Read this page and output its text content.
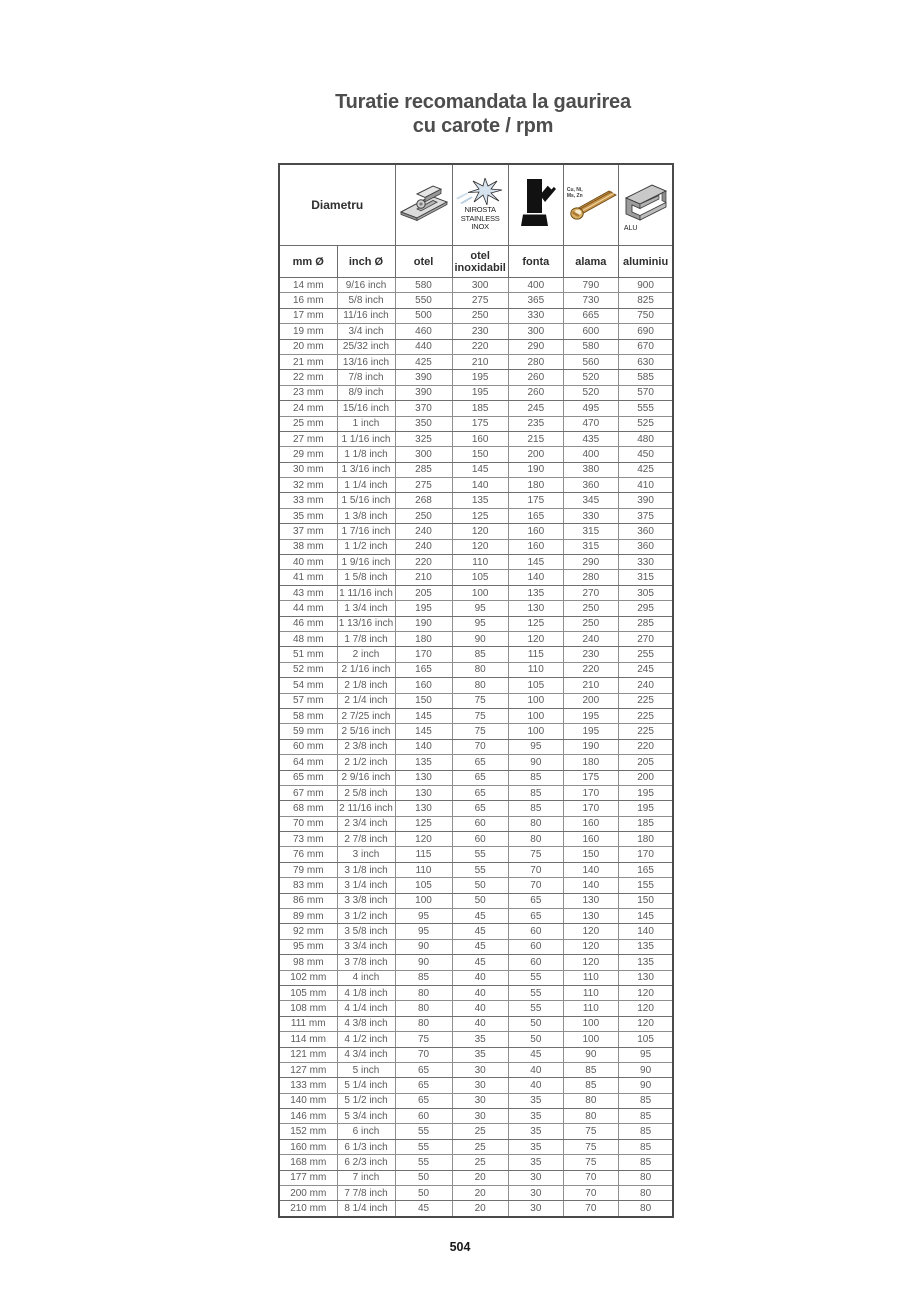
Turatie recomandata la gaurirea
cu carote / rpm
Diametru		NIROSTA
STAINLESS
INOX

Cu, Ni,
Ms, Zn

ALU

mm Ø	inch Ø	otel	otel inoxidabil	fonta	alama	aluminiu
14 mm	9/16 inch	580	300	400	790	900
16 mm	5/8 inch	550	275	365	730	825
17 mm	11/16 inch	500	250	330	665	750
19 mm	3/4 inch	460	230	300	600	690
20 mm	25/32 inch	440	220	290	580	670
21 mm	13/16 inch	425	210	280	560	630
22 mm	7/8 inch	390	195	260	520	585
23 mm	8/9 inch	390	195	260	520	570
24 mm	15/16 inch	370	185	245	495	555
25 mm	1 inch	350	175	235	470	525
27 mm	1 1/16 inch	325	160	215	435	480
29 mm	1 1/8 inch	300	150	200	400	450
30 mm	1 3/16 inch	285	145	190	380	425
32 mm	1 1/4 inch	275	140	180	360	410
33 mm	1 5/16 inch	268	135	175	345	390
35 mm	1 3/8 inch	250	125	165	330	375
37 mm	1 7/16 inch	240	120	160	315	360
38 mm	1 1/2 inch	240	120	160	315	360
40 mm	1 9/16 inch	220	110	145	290	330
41 mm	1 5/8 inch	210	105	140	280	315
43 mm	1 11/16 inch	205	100	135	270	305
44 mm	1 3/4 inch	195	95	130	250	295
46 mm	1 13/16 inch	190	95	125	250	285
48 mm	1 7/8 inch	180	90	120	240	270
51 mm	2 inch	170	85	115	230	255
52 mm	2 1/16 inch	165	80	110	220	245
54 mm	2 1/8 inch	160	80	105	210	240
57 mm	2 1/4 inch	150	75	100	200	225
58 mm	2 7/25 inch	145	75	100	195	225
59 mm	2 5/16 inch	145	75	100	195	225
60 mm	2 3/8 inch	140	70	95	190	220
64 mm	2 1/2 inch	135	65	90	180	205
65 mm	2 9/16 inch	130	65	85	175	200
67 mm	2 5/8 inch	130	65	85	170	195
68 mm	2 11/16 inch	130	65	85	170	195
70 mm	2 3/4 inch	125	60	80	160	185
73 mm	2 7/8 inch	120	60	80	160	180
76 mm	3 inch	115	55	75	150	170
79 mm	3 1/8 inch	110	55	70	140	165
83 mm	3 1/4 inch	105	50	70	140	155
86 mm	3 3/8 inch	100	50	65	130	150
89 mm	3 1/2 inch	95	45	65	130	145
92 mm	3 5/8 inch	95	45	60	120	140
95 mm	3 3/4 inch	90	45	60	120	135
98 mm	3 7/8 inch	90	45	60	120	135
102 mm	4 inch	85	40	55	110	130
105 mm	4 1/8 inch	80	40	55	110	120
108 mm	4 1/4 inch	80	40	55	110	120
111 mm	4 3/8 inch	80	40	50	100	120
114 mm	4 1/2 inch	75	35	50	100	105
121 mm	4 3/4 inch	70	35	45	90	95
127 mm	5 inch	65	30	40	85	90
133 mm	5 1/4 inch	65	30	40	85	90
140 mm	5 1/2 inch	65	30	35	80	85
146 mm	5 3/4 inch	60	30	35	80	85
152 mm	6 inch	55	25	35	75	85
160 mm	6 1/3 inch	55	25	35	75	85
168 mm	6 2/3 inch	55	25	35	75	85
177 mm	7 inch	50	20	30	70	80
200 mm	7 7/8 inch	50	20	30	70	80
210 mm	8 1/4 inch	45	20	30	70	80
504
